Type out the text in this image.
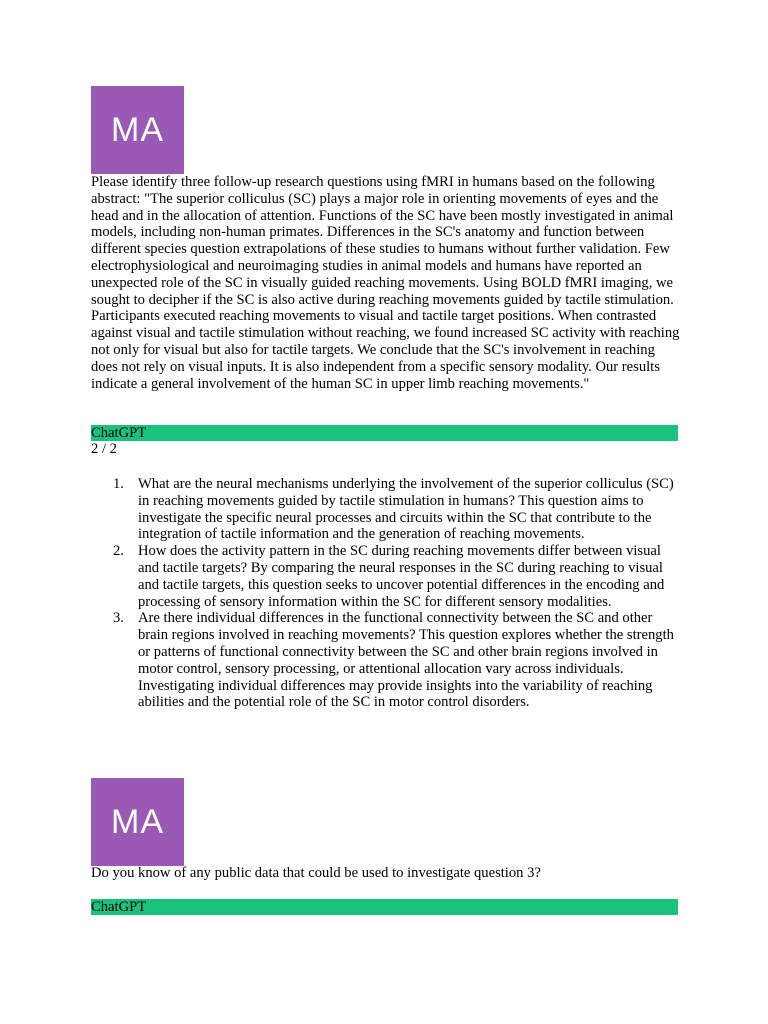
MA
Please identify three follow-up research questions using fMRI in humans based on the following abstract: "The superior colliculus (SC) plays a major role in orienting movements of eyes and the head and in the allocation of attention. Functions of the SC have been mostly investigated in animal models, including non-human primates. Differences in the SC's anatomy and function between different species question extrapolations of these studies to humans without further validation. Few electrophysiological and neuroimaging studies in animal models and humans have reported an unexpected role of the SC in visually guided reaching movements. Using BOLD fMRI imaging, we sought to decipher if the SC is also active during reaching movements guided by tactile stimulation. Participants executed reaching movements to visual and tactile target positions. When contrasted against visual and tactile stimulation without reaching, we found increased SC activity with reaching not only for visual but also for tactile targets. We conclude that the SC's involvement in reaching does not rely on visual inputs. It is also independent from a specific sensory modality. Our results indicate a general involvement of the human SC in upper limb reaching movements."
ChatGPT
2 / 2
1. What are the neural mechanisms underlying the involvement of the superior colliculus (SC) in reaching movements guided by tactile stimulation in humans? This question aims to investigate the specific neural processes and circuits within the SC that contribute to the integration of tactile information and the generation of reaching movements.
2. How does the activity pattern in the SC during reaching movements differ between visual and tactile targets? By comparing the neural responses in the SC during reaching to visual and tactile targets, this question seeks to uncover potential differences in the encoding and processing of sensory information within the SC for different sensory modalities.
3. Are there individual differences in the functional connectivity between the SC and other brain regions involved in reaching movements? This question explores whether the strength or patterns of functional connectivity between the SC and other brain regions involved in motor control, sensory processing, or attentional allocation vary across individuals. Investigating individual differences may provide insights into the variability of reaching abilities and the potential role of the SC in motor control disorders.
MA
Do you know of any public data that could be used to investigate question 3?
ChatGPT
